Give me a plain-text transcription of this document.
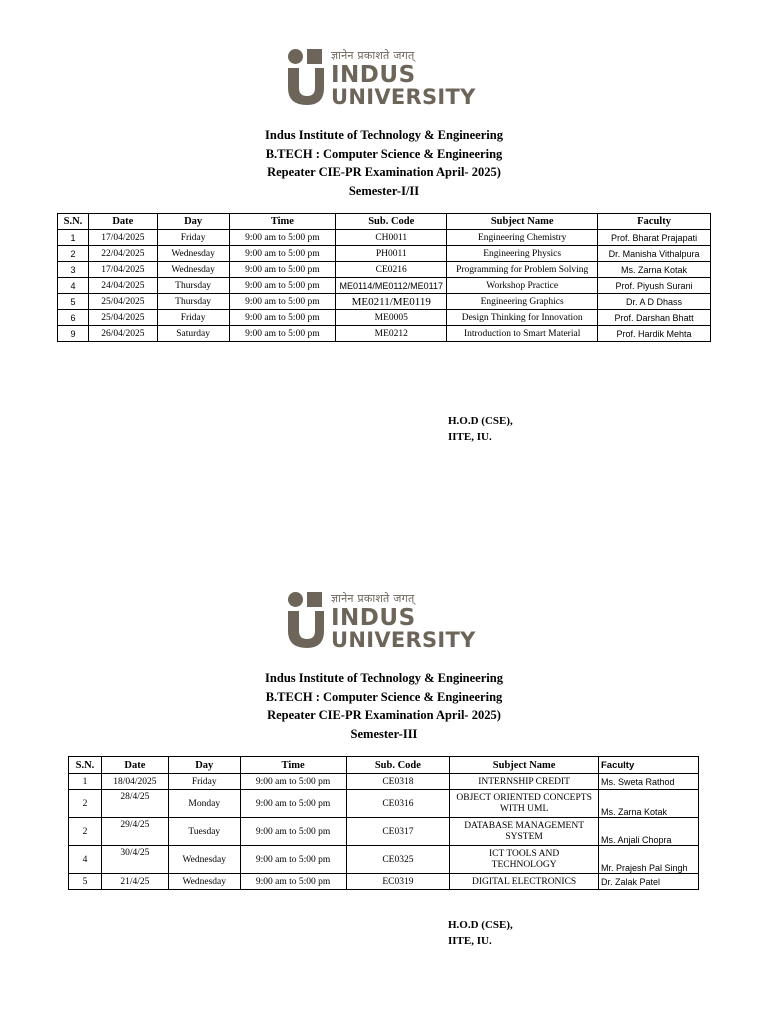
ज्ञानेन प्रकाशते जगत्
INDUS
UNIVERSITY
Indus Institute of Technology & Engineering
B.TECH : Computer Science & Engineering
Repeater CIE-PR Examination April- 2025)
Semester-I/II
S.N.	Date	Day	Time	Sub. Code	Subject Name	Faculty
1	17/04/2025	Friday	9:00 am to 5:00 pm	CH0011	Engineering Chemistry	Prof. Bharat Prajapati
2	22/04/2025	Wednesday	9:00 am to 5:00 pm	PH0011	Engineering Physics	Dr. Manisha Vithalpura
3	17/04/2025	Wednesday	9:00 am to 5:00 pm	CE0216	Programming for Problem Solving	Ms. Zarna Kotak
4	24/04/2025	Thursday	9:00 am to 5:00 pm	ME0114/ME0112/ME0117	Workshop Practice	Prof. Piyush Surani
5	25/04/2025	Thursday	9:00 am to 5:00 pm	ME0211/ME0119	Engineering Graphics	Dr. A D Dhass
6	25/04/2025	Friday	9:00 am to 5:00 pm	ME0005	Design Thinking for Innovation	Prof. Darshan Bhatt
9	26/04/2025	Saturday	9:00 am to 5:00 pm	ME0212	Introduction to Smart Material	Prof. Hardik Mehta
H.O.D (CSE),
IITE, IU.
ज्ञानेन प्रकाशते जगत्
INDUS
UNIVERSITY
Indus Institute of Technology & Engineering
B.TECH : Computer Science & Engineering
Repeater CIE-PR Examination April- 2025)
Semester-III
S.N.	Date	Day	Time	Sub. Code	Subject Name	Faculty
1	18/04/2025	Friday	9:00 am to 5:00 pm	CE0318	INTERNSHIP CREDIT	Ms. Sweta Rathod
2	28/4/25	Monday	9:00 am to 5:00 pm	CE0316	OBJECT ORIENTED CONCEPTS WITH UML	Ms. Zarna Kotak
2	29/4/25	Tuesday	9:00 am to 5:00 pm	CE0317	DATABASE MANAGEMENT SYSTEM	Ms. Anjali Chopra
4	30/4/25	Wednesday	9:00 am to 5:00 pm	CE0325	ICT TOOLS AND TECHNOLOGY	Mr. Prajesh Pal Singh
5	21/4/25	Wednesday	9:00 am to 5:00 pm	EC0319	DIGITAL ELECTRONICS	Dr. Zalak Patel
H.O.D (CSE),
IITE, IU.
